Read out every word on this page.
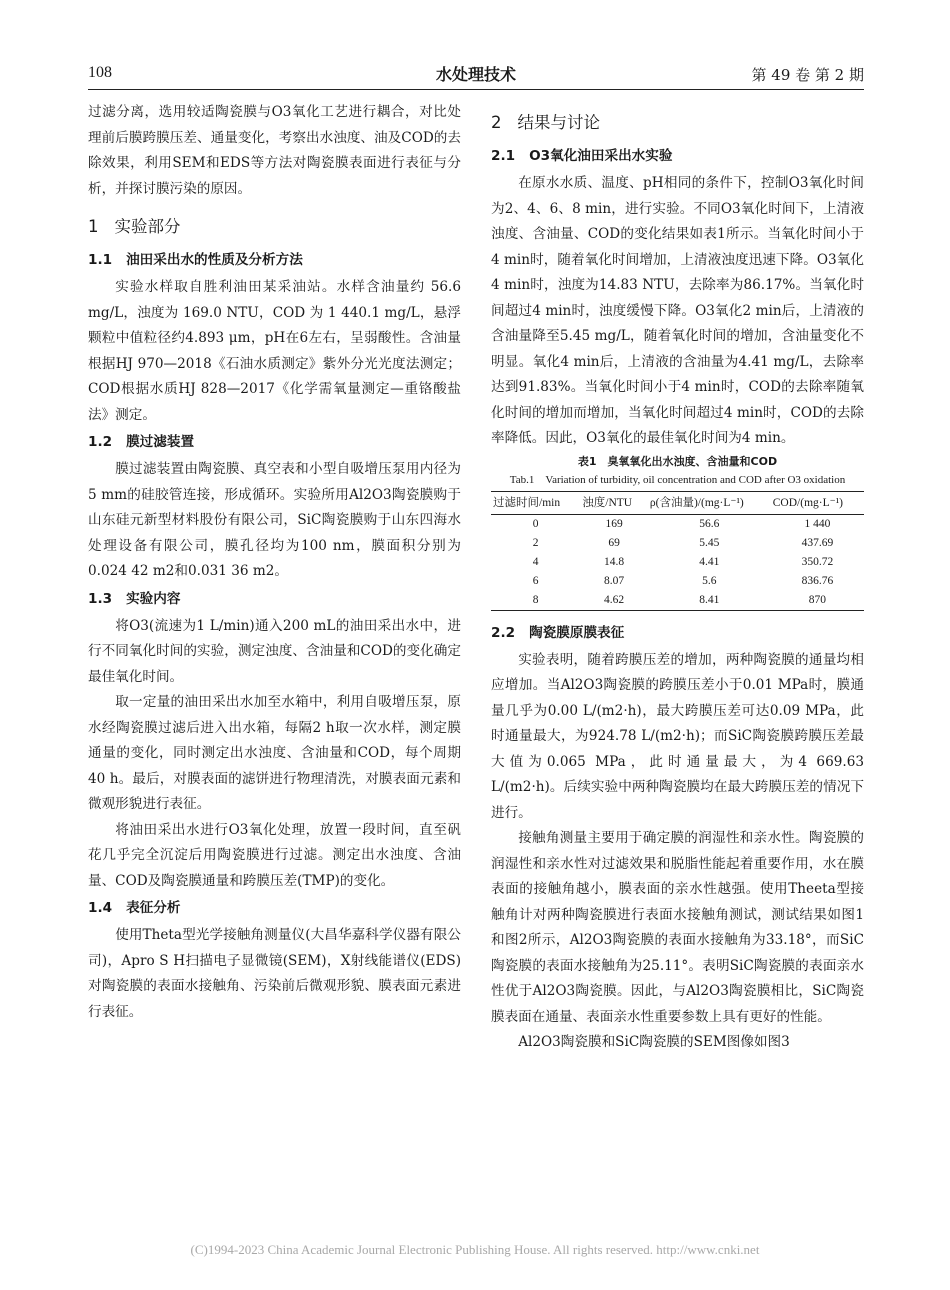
108	水处理技术	第 49 卷 第 2 期

过滤分离，选用较适陶瓷膜与O3氧化工艺进行耦合，对比处理前后膜跨膜压差、通量变化，考察出水浊度、油及COD的去除效果，利用SEM和EDS等方法对陶瓷膜表面进行表征与分析，并探讨膜污染的原因。

1 实验部分
1.1 油田采出水的性质及分析方法

实验水样取自胜利油田某采油站。水样含油量约 56.6 mg/L，浊度为 169.0 NTU，COD 为 1 440.1 mg/L，悬浮颗粒中值粒径约4.893 μm，pH在6左右，呈弱酸性。含油量根据HJ 970—2018《石油水质测定》紫外分光光度法测定；COD根据水质HJ 828—2017《化学需氧量测定—重铬酸盐法》测定。

1.2 膜过滤装置

膜过滤装置由陶瓷膜、真空表和小型自吸增压泵用内径为5 mm的硅胶管连接，形成循环。实验所用Al2O3陶瓷膜购于山东硅元新型材料股份有限公司，SiC陶瓷膜购于山东四海水处理设备有限公司，膜孔径均为100 nm，膜面积分别为0.024 42 m2和0.031 36 m2。

1.3 实验内容

将O3(流速为1 L/min)通入200 mL的油田采出水中，进行不同氧化时间的实验，测定浊度、含油量和COD的变化确定最佳氧化时间。

取一定量的油田采出水加至水箱中，利用自吸增压泵，原水经陶瓷膜过滤后进入出水箱，每隔2 h取一次水样，测定膜通量的变化，同时测定出水浊度、含油量和COD，每个周期40 h。最后，对膜表面的滤饼进行物理清洗，对膜表面元素和微观形貌进行表征。

将油田采出水进行O3氧化处理，放置一段时间，直至矾花几乎完全沉淀后用陶瓷膜进行过滤。测定出水浊度、含油量、COD及陶瓷膜通量和跨膜压差(TMP)的变化。

1.4 表征分析

使用Theta型光学接触角测量仪(大昌华嘉科学仪器有限公司)，Apro S H扫描电子显微镜(SEM)，X射线能谱仪(EDS)对陶瓷膜的表面水接触角、污染前后微观形貌、膜表面元素进行表征。

2 结果与讨论
2.1 O3氧化油田采出水实验

在原水水质、温度、pH相同的条件下，控制O3氧化时间为2、4、6、8 min，进行实验。不同O3氧化时间下，上清液浊度、含油量、COD的变化结果如表1所示。当氧化时间小于4 min时，随着氧化时间增加，上清液浊度迅速下降。O3氧化4 min时，浊度为14.83 NTU，去除率为86.17%。当氧化时间超过4 min时，浊度缓慢下降。O3氧化2 min后，上清液的含油量降至5.45 mg/L，随着氧化时间的增加，含油量变化不明显。氧化4 min后，上清液的含油量为4.41 mg/L，去除率达到91.83%。当氧化时间小于4 min时，COD的去除率随氧化时间的增加而增加，当氧化时间超过4 min时，COD的去除率降低。因此，O3氧化的最佳氧化时间为4 min。

表1　臭氧氧化出水浊度、含油量和COD
Tab.1　Variation of turbidity, oil concentration and COD after O3 oxidation
过滤时间/min	浊度/NTU	ρ(含油量)/(mg·L⁻¹)	COD/(mg·L⁻¹)
0	169	56.6	1 440
2	69	5.45	437.69
4	14.8	4.41	350.72
6	8.07	5.6	836.76
8	4.62	8.41	870
2.2 陶瓷膜原膜表征

实验表明，随着跨膜压差的增加，两种陶瓷膜的通量均相应增加。当Al2O3陶瓷膜的跨膜压差小于0.01 MPa时，膜通量几乎为0.00 L/(m2·h)，最大跨膜压差可达0.09 MPa，此时通量最大，为924.78 L/(m2·h)；而SiC陶瓷膜跨膜压差最大值为0.065 MPa，此时通量最大，为4 669.63 L/(m2·h)。后续实验中两种陶瓷膜均在最大跨膜压差的情况下进行。

接触角测量主要用于确定膜的润湿性和亲水性。陶瓷膜的润湿性和亲水性对过滤效果和脱脂性能起着重要作用，水在膜表面的接触角越小，膜表面的亲水性越强。使用Theeta型接触角计对两种陶瓷膜进行表面水接触角测试，测试结果如图1和图2所示，Al2O3陶瓷膜的表面水接触角为33.18°，而SiC陶瓷膜的表面水接触角为25.11°。表明SiC陶瓷膜的表面亲水性优于Al2O3陶瓷膜。因此，与Al2O3陶瓷膜相比，SiC陶瓷膜表面在通量、表面亲水性重要参数上具有更好的性能。

Al2O3陶瓷膜和SiC陶瓷膜的SEM图像如图3

(C)1994-2023 China Academic Journal Electronic Publishing House. All rights reserved. http://www.cnki.net
